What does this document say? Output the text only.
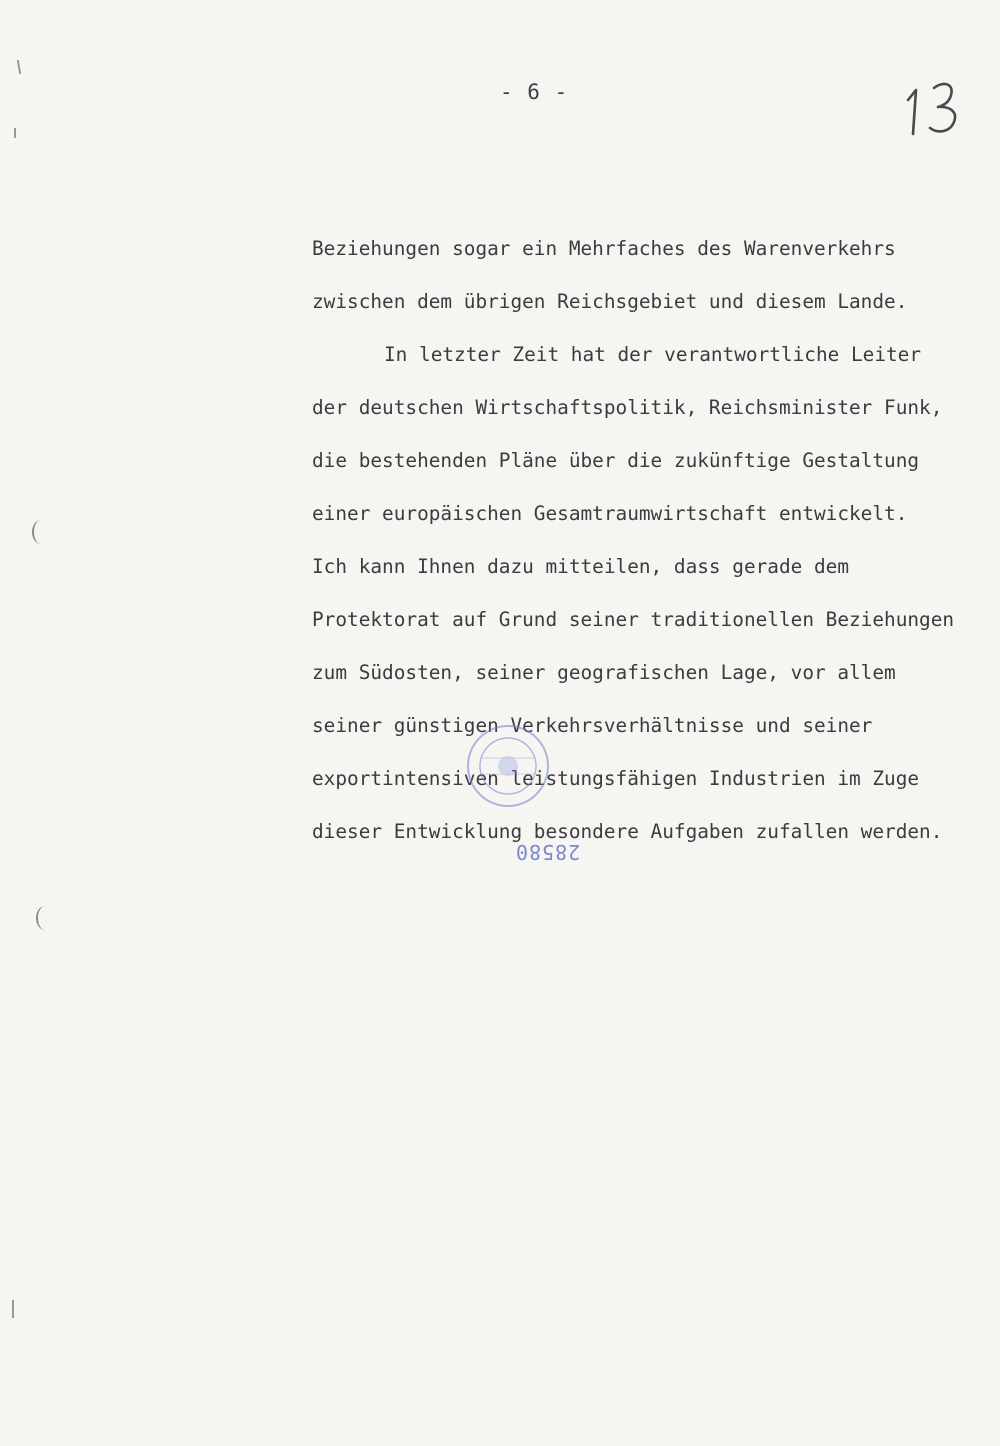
- 6 -
Beziehungen sogar ein Mehrfaches des Warenverkehrs
zwischen dem übrigen Reichsgebiet und diesem Lande.
In letzter Zeit hat der verantwortliche Leiter
der deutschen Wirtschaftspolitik, Reichsminister Funk,
die bestehenden Pläne über die zukünftige Gestaltung
einer europäischen Gesamtraumwirtschaft entwickelt.
Ich kann Ihnen dazu mitteilen, dass gerade dem
Protektorat auf Grund seiner traditionellen Beziehungen
zum Südosten, seiner geografischen Lage, vor allem
seiner günstigen Verkehrsverhältnisse und seiner
exportintensiven leistungsfähigen Industrien im Zuge
dieser Entwicklung besondere Aufgaben zufallen werden.
28580
